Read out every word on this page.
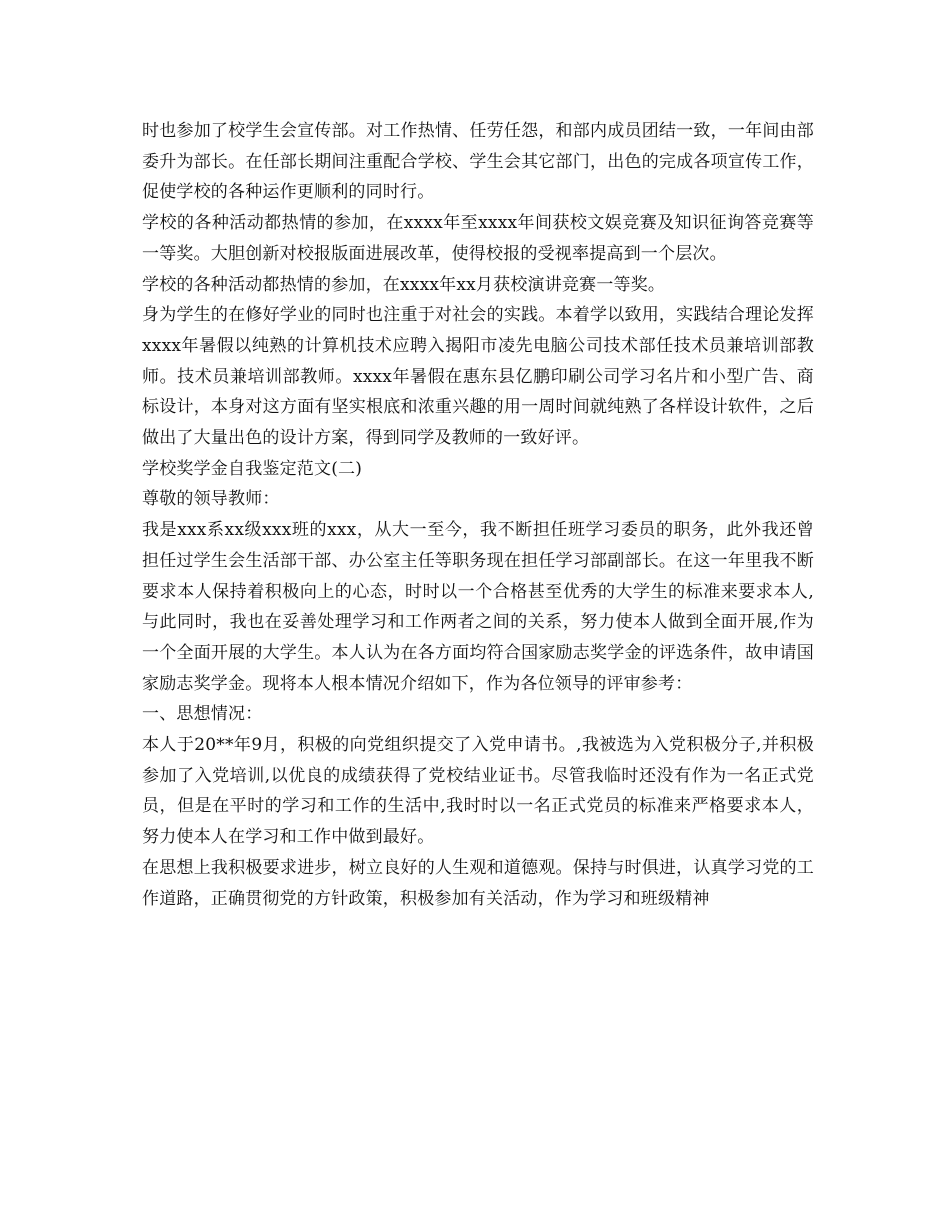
时也参加了校学生会宣传部。对工作热情、任劳任怨，和部内成员团结一致，一年间由部委升为部长。在任部长期间注重配合学校、学生会其它部门，出色的完成各项宣传工作，促使学校的各种运作更顺利的同时行。

学校的各种活动都热情的参加，在xxxx年至xxxx年间获校文娱竞赛及知识征询答竞赛等一等奖。大胆创新对校报版面进展改革，使得校报的受视率提高到一个层次。

学校的各种活动都热情的参加，在xxxx年xx月获校演讲竞赛一等奖。

身为学生的在修好学业的同时也注重于对社会的实践。本着学以致用，实践结合理论发挥xxxx年暑假以纯熟的计算机技术应聘入揭阳市凌先电脑公司技术部任技术员兼培训部教师。技术员兼培训部教师。xxxx年暑假在惠东县亿鹏印刷公司学习名片和小型广告、商标设计，本身对这方面有坚实根底和浓重兴趣的用一周时间就纯熟了各样设计软件，之后做出了大量出色的设计方案，得到同学及教师的一致好评。

学校奖学金自我鉴定范文(二)

尊敬的领导教师：

我是xxx系xx级xxx班的xxx，从大一至今，我不断担任班学习委员的职务，此外我还曾担任过学生会生活部干部、办公室主任等职务现在担任学习部副部长。在这一年里我不断要求本人保持着积极向上的心态，时时以一个合格甚至优秀的大学生的标准来要求本人,与此同时，我也在妥善处理学习和工作两者之间的关系，努力使本人做到全面开展,作为一个全面开展的大学生。本人认为在各方面均符合国家励志奖学金的评选条件，故申请国家励志奖学金。现将本人根本情况介绍如下，作为各位领导的评审参考：

一、思想情况：

本人于20**年9月，积极的向党组织提交了入党申请书。,我被选为入党积极分子,并积极参加了入党培训,以优良的成绩获得了党校结业证书。尽管我临时还没有作为一名正式党员，但是在平时的学习和工作的生活中,我时时以一名正式党员的标准来严格要求本人，努力使本人在学习和工作中做到最好。

在思想上我积极要求进步，树立良好的人生观和道德观。保持与时俱进，认真学习党的工作道路，正确贯彻党的方针政策，积极参加有关活动，作为学习和班级精神
